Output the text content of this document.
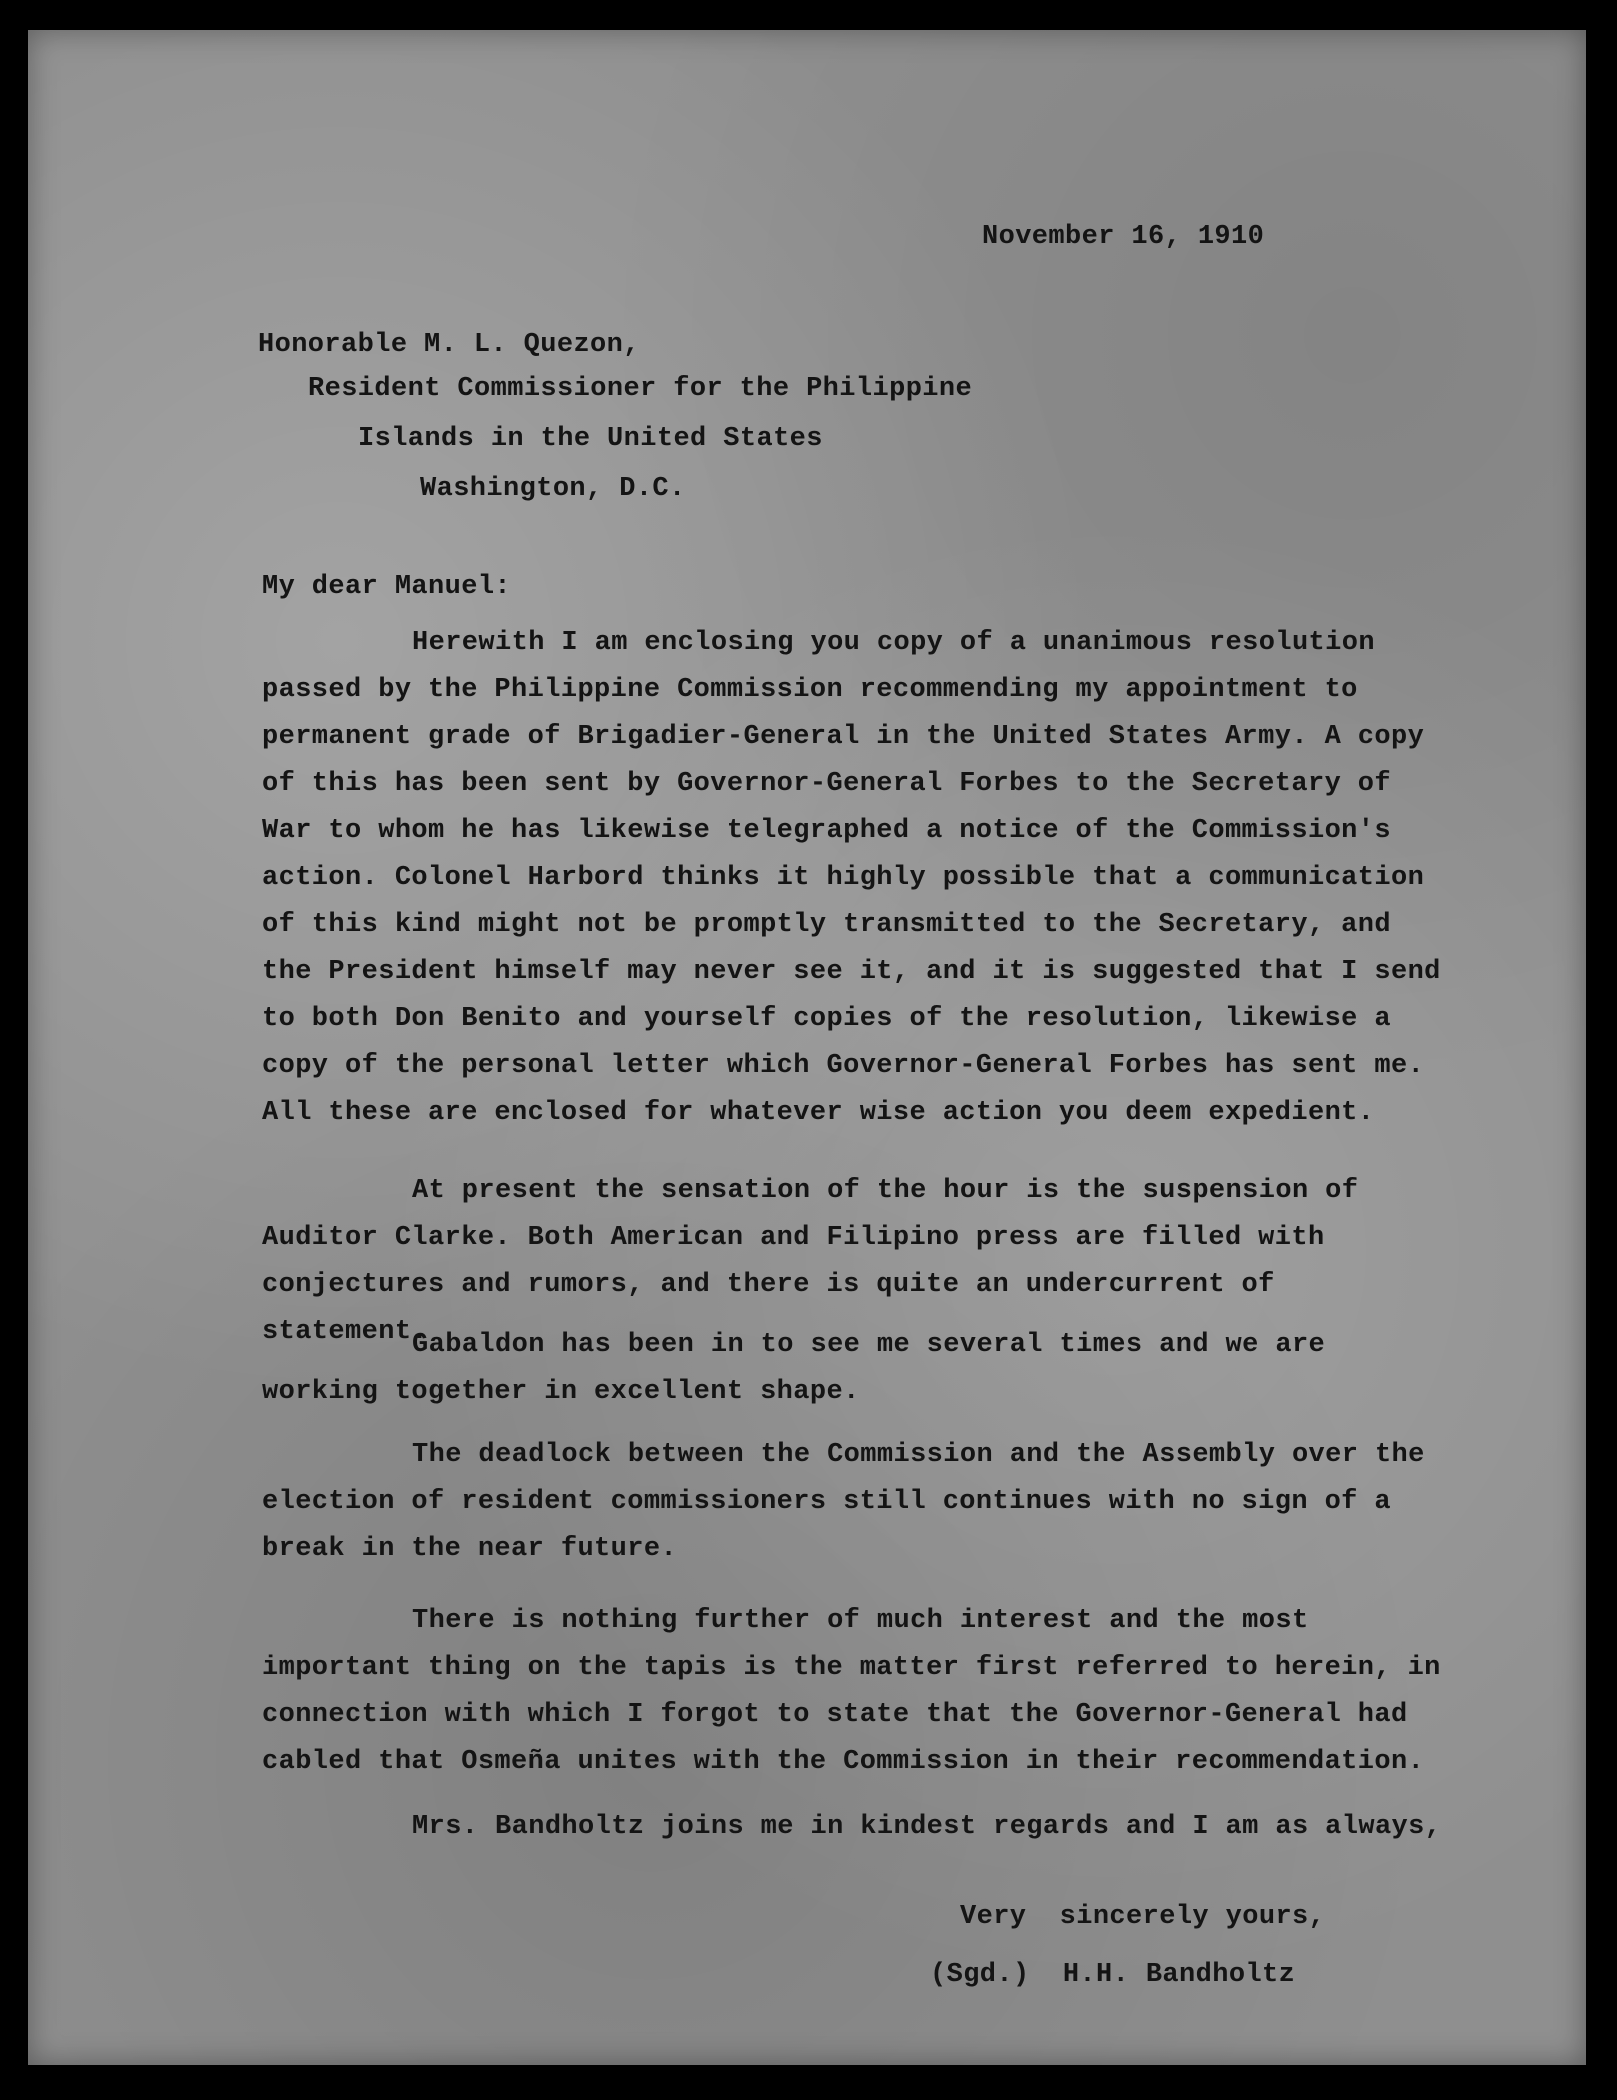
November 16, 1910
Honorable M. L. Quezon,
Resident Commissioner for the Philippine
Islands in the United States
Washington, D.C.
My dear Manuel:

Herewith I am enclosing you copy of a unanimous resolution passed by the Philippine Commission recommending my appointment to permanent grade of Brigadier-General in the United States Army. A copy of this has been sent by Governor-General Forbes to the Secretary of War to whom he has likewise telegraphed a notice of the Commission's action. Colonel Harbord thinks it highly possible that a communication of this kind might not be promptly transmitted to the Secretary, and the President himself may never see it, and it is suggested that I send to both Don Benito and yourself copies of the resolution, likewise a copy of the personal letter which Governor-General Forbes has sent me. All these are enclosed for whatever wise action you deem expedient.

At present the sensation of the hour is the suspension of Auditor Clarke. Both American and Filipino press are filled with conjectures and rumors, and there is quite an undercurrent of statement.

Gabaldon has been in to see me several times and we are working together in excellent shape.

The deadlock between the Commission and the Assembly over the election of resident commissioners still continues with no sign of a break in the near future.

There is nothing further of much interest and the most important thing on the tapis is the matter first referred to herein, in connection with which I forgot to state that the Governor-General had cabled that Osmeña unites with the Commission in their recommendation.

Mrs. Bandholtz joins me in kindest regards and I am as always,

Very  sincerely yours,
(Sgd.)  H.H. Bandholtz
